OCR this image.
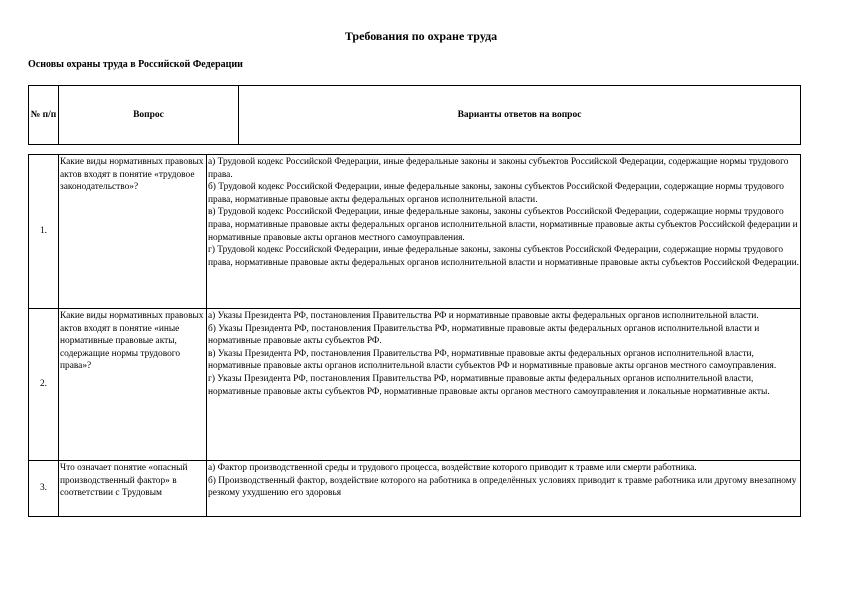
Требования по охране труда
Основы охраны труда в Российской Федерации
№ п/п	Вопрос	Варианты ответов на вопрос
1.	Какие виды нормативных правовых актов входят в понятие «трудовое законодательство»?	а) Трудовой кодекс Российской Федерации, иные федеральные законы и законы субъектов Российской Федерации, содержащие нормы трудового права.
б) Трудовой кодекс Российской Федерации, иные федеральные законы, законы субъектов Российской Федерации, содержащие нормы трудового права, нормативные правовые акты федеральных органов исполнительной власти.
в) Трудовой кодекс Российской Федерации, иные федеральные законы, законы субъектов Российской Федерации, содержащие нормы трудового права, нормативные правовые акты федеральных органов исполнительной власти, нормативные правовые акты субъектов Российской федерации и нормативные правовые акты органов местного самоуправления.
г) Трудовой кодекс Российской Федерации, иные федеральные законы, законы субъектов Российской Федерации, содержащие нормы трудового права, нормативные правовые акты федеральных органов исполнительной власти и нормативные правовые акты субъектов Российской Федерации.

2.	Какие виды нормативных правовых актов входят в понятие «иные нормативные правовые акты, содержащие нормы трудового права»?	а) Указы Президента РФ, постановления Правительства РФ и нормативные правовые акты федеральных органов исполнительной власти.
б) Указы Президента РФ, постановления Правительства РФ, нормативные правовые акты федеральных органов исполнительной власти и нормативные правовые акты субъектов РФ.
в) Указы Президента РФ, постановления Правительства РФ, нормативные правовые акты федеральных органов исполнительной власти, нормативные правовые акты органов исполнительной власти субъектов РФ и нормативные правовые акты органов местного самоуправления.
г) Указы Президента РФ, постановления Правительства РФ, нормативные правовые акты федеральных органов исполнительной власти, нормативные правовые акты субъектов РФ, нормативные правовые акты органов местного самоуправления и локальные нормативные акты.

3.	Что означает понятие «опасный производственный фактор» в соответствии с Трудовым	а) Фактор производственной среды и трудового процесса, воздействие которого приводит к травме или смерти работника.
б) Производственный фактор, воздействие которого на работника в определённых условиях приводит к травме работника или другому внезапному резкому ухудшению его здоровья
